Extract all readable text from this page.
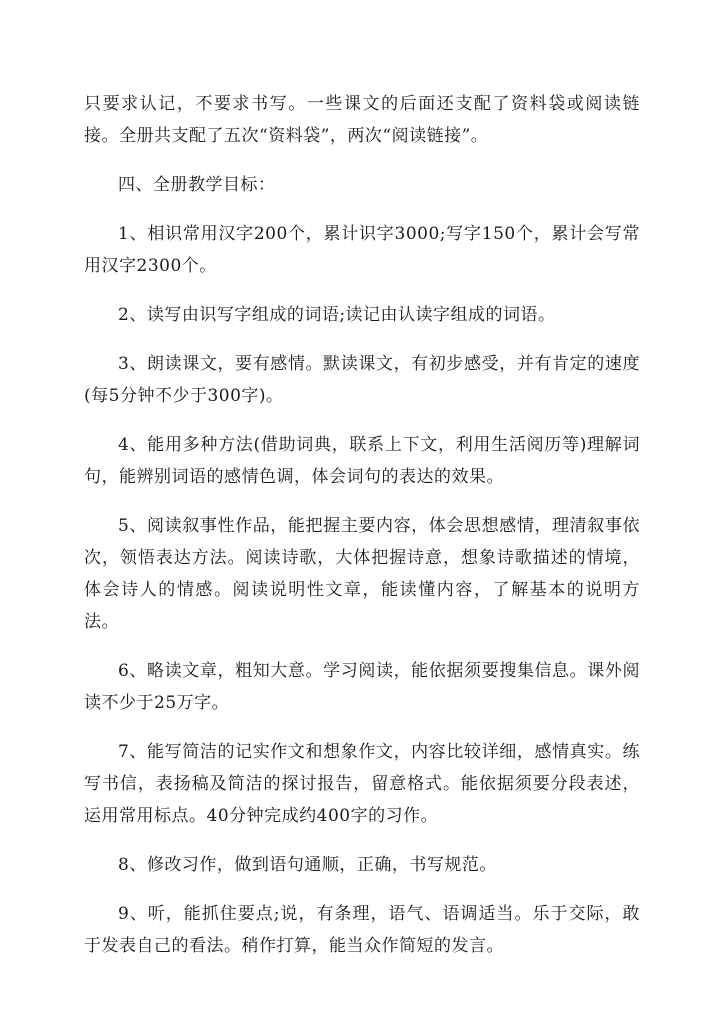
只要求认记，不要求书写。一些课文的后面还支配了资料袋或阅读链接。全册共支配了五次“资料袋”，两次“阅读链接”。

四、全册教学目标：

1、相识常用汉字200个，累计识字3000;写字150个，累计会写常用汉字2300个。

2、读写由识写字组成的词语;读记由认读字组成的词语。

3、朗读课文，要有感情。默读课文，有初步感受，并有肯定的速度(每5分钟不少于300字)。

4、能用多种方法(借助词典，联系上下文，利用生活阅历等)理解词句，能辨别词语的感情色调，体会词句的表达的效果。

5、阅读叙事性作品，能把握主要内容，体会思想感情，理清叙事依次，领悟表达方法。阅读诗歌，大体把握诗意，想象诗歌描述的情境，体会诗人的情感。阅读说明性文章，能读懂内容，了解基本的说明方法。

6、略读文章，粗知大意。学习阅读，能依据须要搜集信息。课外阅读不少于25万字。

7、能写简洁的记实作文和想象作文，内容比较详细，感情真实。练写书信，表扬稿及简洁的探讨报告，留意格式。能依据须要分段表述，运用常用标点。40分钟完成约400字的习作。

8、修改习作，做到语句通顺，正确，书写规范。

9、听，能抓住要点;说，有条理，语气、语调适当。乐于交际，敢于发表自己的看法。稍作打算，能当众作简短的发言。
